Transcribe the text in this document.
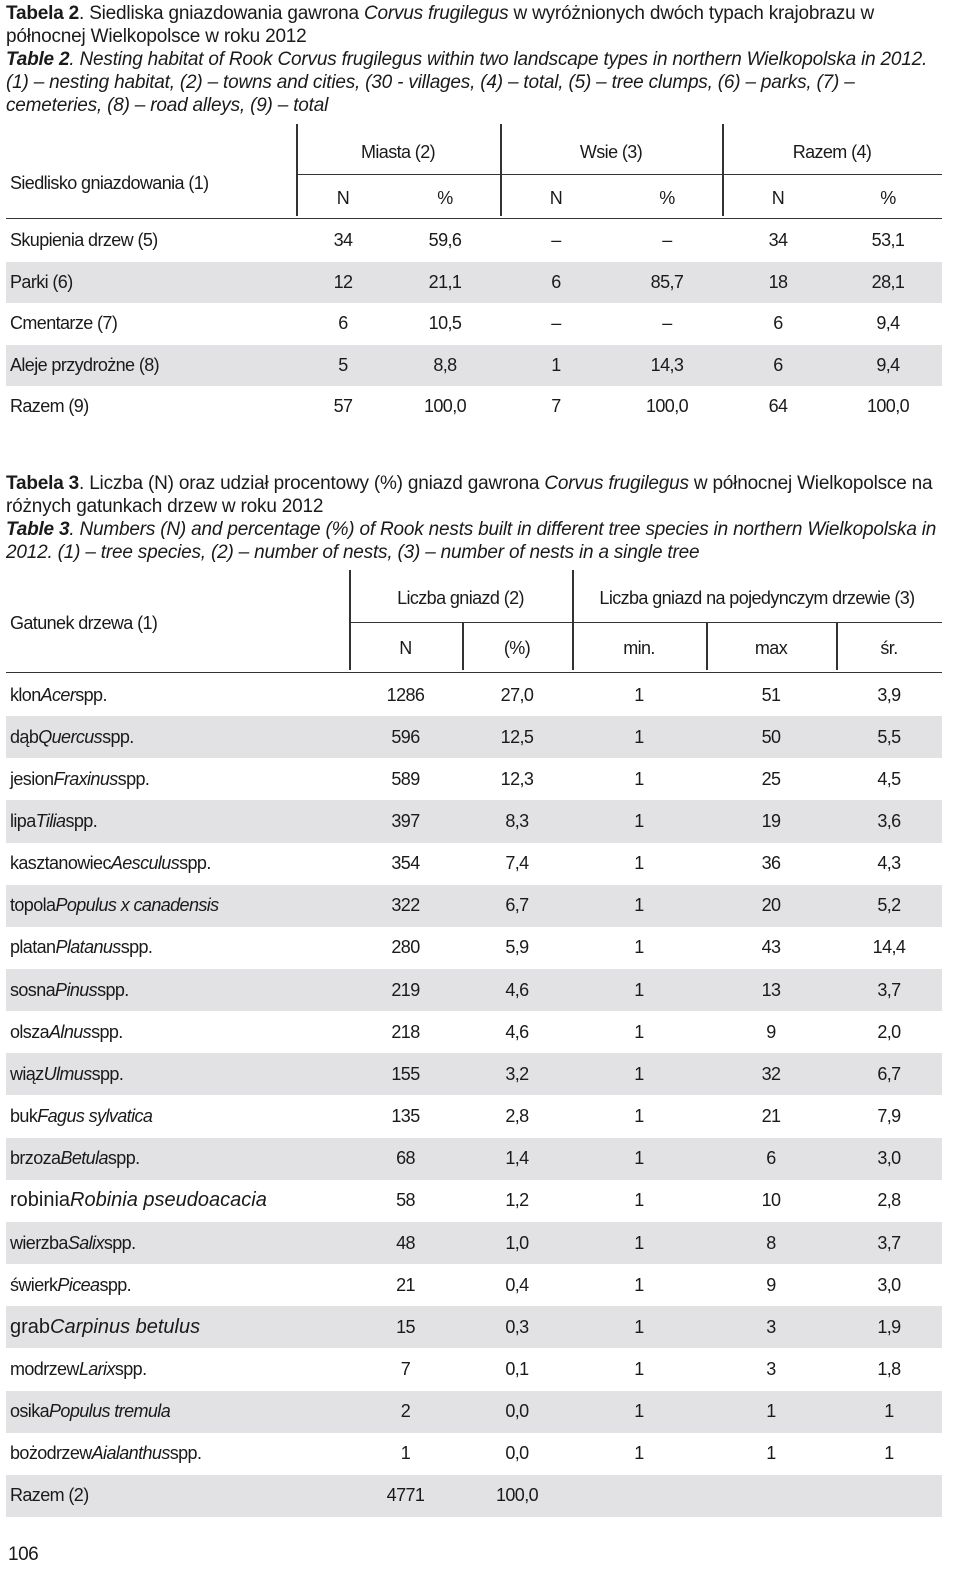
Tabela 2. Siedliska gniazdowania gawrona Corvus frugilegus w wyróżnionych dwóch typach krajobrazu w północnej Wielkopolsce w roku 2012
Table 2. Nesting habitat of Rook Corvus frugilegus within two landscape types in northern Wielkopolska in 2012. (1) – nesting habitat, (2) – towns and cities, (30 - villages, (4) – total, (5) – tree clumps, (6) – parks, (7) – cemeteries, (8) – road alleys, (9) – total
Siedlisko gniazdowania (1)
Miasta (2)	Wsie (3)	Razem (4)
N	%	N	%	N	%
Skupienia drzew (5)	34	59,6	–	–	34	53,1
Parki (6)	12	21,1	6	85,7	18	28,1
Cmentarze (7)	6	10,5	–	–	6	9,4
Aleje przydrożne (8)	5	8,8	1	14,3	6	9,4
Razem (9)	57	100,0	7	100,0	64	100,0
Tabela 3. Liczba (N) oraz udział procentowy (%) gniazd gawrona Corvus frugilegus w północnej Wielkopolsce na różnych gatunkach drzew w roku 2012
Table 3. Numbers (N) and percentage (%) of Rook nests built in different tree species in northern Wielkopolska in 2012. (1) – tree species, (2) – number of nests, (3) – number of nests in a single tree
Gatunek drzewa (1)
Liczba gniazd (2)	Liczba gniazd na pojedynczym drzewie (3)
N	(%)	min.	max	śr.
klon Acer spp.	1286	27,0	1	51	3,9
dąb Quercus spp.	596	12,5	1	50	5,5
jesion Fraxinus spp.	589	12,3	1	25	4,5
lipa Tilia spp.	397	8,3	1	19	3,6
kasztanowiec Aesculus spp.	354	7,4	1	36	4,3
topola Populus x canadensis	322	6,7	1	20	5,2
platan Platanus spp.	280	5,9	1	43	14,4
sosna Pinus spp.	219	4,6	1	13	3,7
olsza Alnus spp.	218	4,6	1	9	2,0
wiąz Ulmus spp.	155	3,2	1	32	6,7
buk Fagus sylvatica	135	2,8	1	21	7,9
brzoza Betula spp.	68	1,4	1	6	3,0
robinia Robinia pseudoacacia	58	1,2	1	10	2,8
wierzba Salix spp.	48	1,0	1	8	3,7
świerk Picea spp.	21	0,4	1	9	3,0
grab Carpinus betulus	15	0,3	1	3	1,9
modrzew Larix spp.	7	0,1	1	3	1,8
osika Populus tremula	2	0,0	1	1	1
bożodrzew Aialanthus spp.	1	0,0	1	1	1
Razem (2)	4771	100,0
106
